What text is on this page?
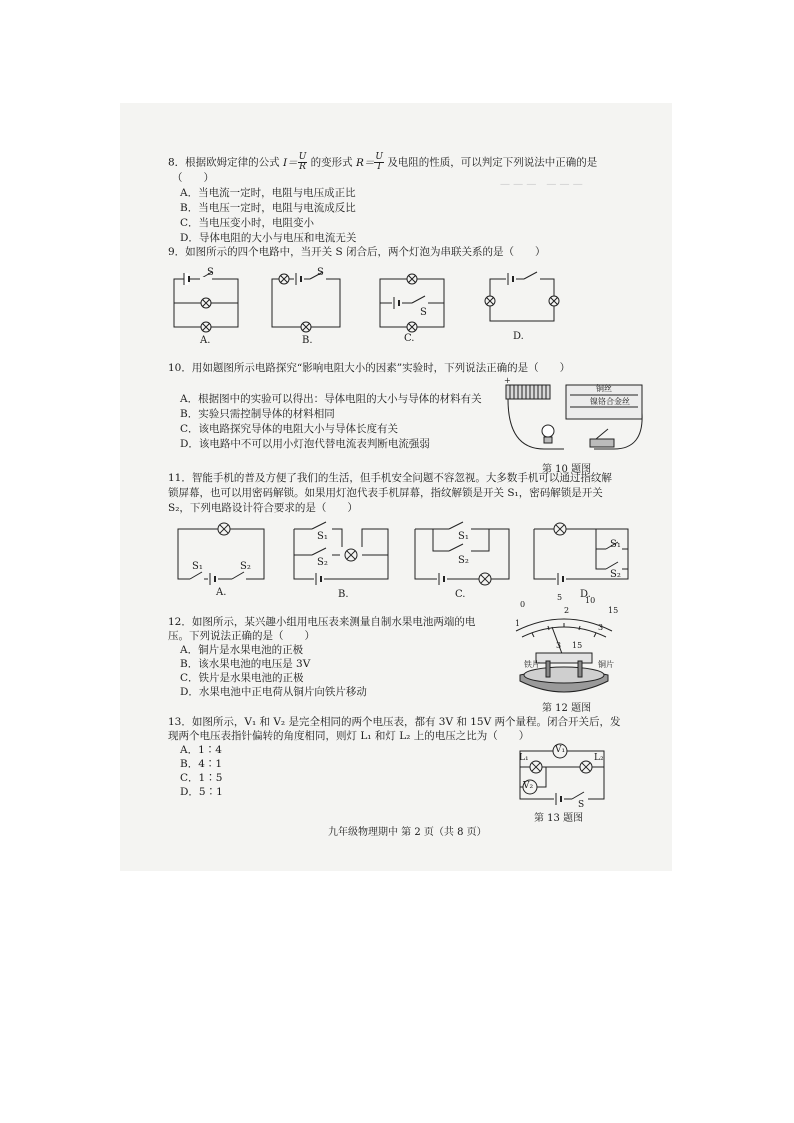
— — —　— — —
8．根据欧姆定律的公式 $I= \frac{U}{R}$ 的变形式 $R= \frac{U}{I}$ 及电阻的性质，可以判定下列说法中正确的是
（　　）
A．当电流一定时，电阻与电压成正比
B．当电压一定时，电阻与电流成反比
C．当电压变小时，电阻变小
D．导体电阻的大小与电压和电流无关
9．如图所示的四个电路中，当开关 S 闭合后，两个灯泡为串联关系的是（　　）
S
A.
S
B.
S
C.	D.
10．用如题图所示电路探究“影响电阻大小的因素”实验时，下列说法正确的是（　　）
A．根据图中的实验可以得出：导体电阻的大小与导体的材料有关
B．实验只需控制导体的材料相同
C．该电路探究导体的电阻大小与导体长度有关
D．该电路中不可以用小灯泡代替电流表判断电流强弱
+
铜丝
镍铬合金丝
第 10 题图
11．智能手机的普及方便了我们的生活，但手机安全问题不容忽视。大多数手机可以通过指纹解
锁屏幕，也可以用密码解锁。如果用灯泡代表手机屏幕，指纹解锁是开关 S₁，密码解锁是开关
S₂，下列电路设计符合要求的是（　　）
S₁	S₂
A.
S₁
S₂
B.
S₁
S₂
C.
S₁
S₂
D.
12．如图所示，某兴趣小组用电压表来测量自制水果电池两端的电
压。下列说法正确的是（　　）
A．铜片是水果电池的正极
B．该水果电池的电压是 3V
C．铁片是水果电池的正极
D．水果电池中正电荷从铜片向铁片移动
0
5	10
15
1
2
3
3 15
铁片	铜片
第 12 题图
13．如图所示，V₁ 和 V₂ 是完全相同的两个电压表，都有 3V 和 15V 两个量程。闭合开关后，发
现两个电压表指针偏转的角度相同，则灯 L₁ 和灯 L₂ 上的电压之比为（　　）
A．1∶4
B．4∶1
C．1∶5
D．5∶1
V₁
L₁	L₂
V₂
S
第 13 题图
九年级物理期中 第 2 页（共 8 页）
